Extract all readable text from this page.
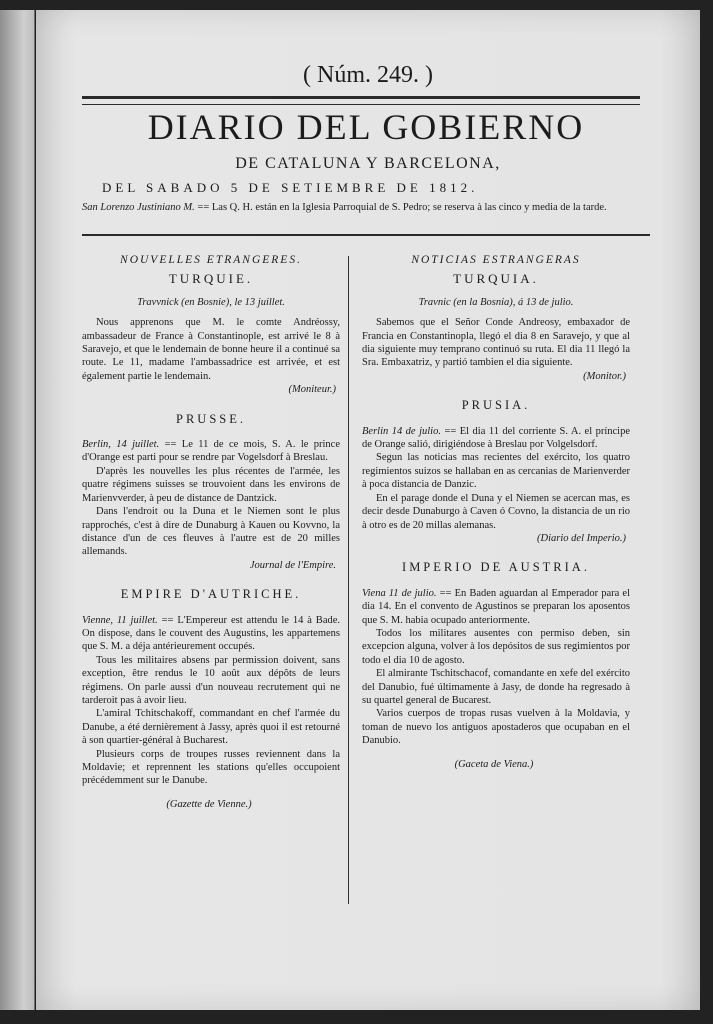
( Núm. 249. )
DIARIO DEL GOBIERNO
DE CATALUNA Y BARCELONA,
DEL SABADO 5 DE SETIEMBRE DE 1812.
San Lorenzo Justiniano M. == Las Q. H. están en la Iglesia Parroquial de S. Pedro; se reserva à las cinco y media de la tarde.
NOUVELLES ETRANGERES.
TURQUIE.
Travvnick (en Bosnie), le 13 juillet.

Nous apprenons que M. le comte Andréossy, ambassadeur de France à Constantinople, est arrivé le 8 à Saravejo, et que le lendemain de bonne heure il a continué sa route. Le 11, madame l'ambassadrice est arrivée, et est également partie le lendemain.

(Moniteur.)
PRUSSE.

Berlin, 14 juillet. == Le 11 de ce mois, S. A. le prince d'Orange est parti pour se rendre par Vogelsdorf à Breslau.

D'après les nouvelles les plus récentes de l'armée, les quatre régimens suisses se trouvoient dans les environs de Marienvverder, à peu de distance de Dantzick.

Dans l'endroit ou la Duna et le Niemen sont le plus rapprochés, c'est à dire de Dunaburg à Kauen ou Kovvno, la distance d'un de ces fleuves à l'autre est de 20 milles allemands.

Journal de l'Empire.
EMPIRE D'AUTRICHE.

Vienne, 11 juillet. == L'Empereur est attendu le 14 à Bade. On dispose, dans le couvent des Augustins, les appartemens que S. M. a déja antérieurement occupés.

Tous les militaires absens par permission doivent, sans exception, être rendus le 10 août aux dépôts de leurs régimens. On parle aussi d'un nouveau recrutement qui ne tarderoit pas à avoir lieu.

L'amiral Tchitschakoff, commandant en chef l'armée du Danube, a été dernièrement à Jassy, après quoi il est retourné à son quartier-général à Bucharest.

Plusieurs corps de troupes russes reviennent dans la Moldavie; et reprennent les stations qu'elles occupoient précédemment sur le Danube.

(Gazette de Vienne.)
NOTICIAS ESTRANGERAS
TURQUIA.
Travnic (en la Bosnia), á 13 de julio.

Sabemos que el Señor Conde Andreosy, embaxador de Francia en Constantinopla, llegó el dia 8 en Saravejo, y que al dia siguiente muy temprano continuó su ruta. El dia 11 llegó la Sra. Embaxatriz, y partió tambien el dia siguiente.

(Monitor.)
PRUSIA.

Berlin 14 de julio. == El dia 11 del corriente S. A. el príncipe de Orange salió, dirigiéndose à Breslau por Volgelsdorf.

Segun las noticias mas recientes del exército, los quatro regimientos suizos se hallaban en as cercanias de Marienverder à poca distancia de Danzic.

En el parage donde el Duna y el Niemen se acercan mas, es decir desde Dunaburgo à Caven ó Covno, la distancia de un rio à otro es de 20 millas alemanas.

(Diario del Imperio.)
IMPERIO DE AUSTRIA.

Viena 11 de julio. == En Baden aguardan al Emperador para el dia 14. En el convento de Agustinos se preparan los aposentos que S. M. habia ocupado anteriormente.

Todos los militares ausentes con permiso deben, sin excepcion alguna, volver à los depósitos de sus regimientos por todo el dia 10 de agosto.

El almirante Tschitschacof, comandante en xefe del exército del Danubio, fué últimamente à Jasy, de donde ha regresado à su quartel general de Bucarest.

Varios cuerpos de tropas rusas vuelven à la Moldavia, y toman de nuevo los antiguos apostaderos que ocupaban en el Danubio.

(Gaceta de Viena.)
